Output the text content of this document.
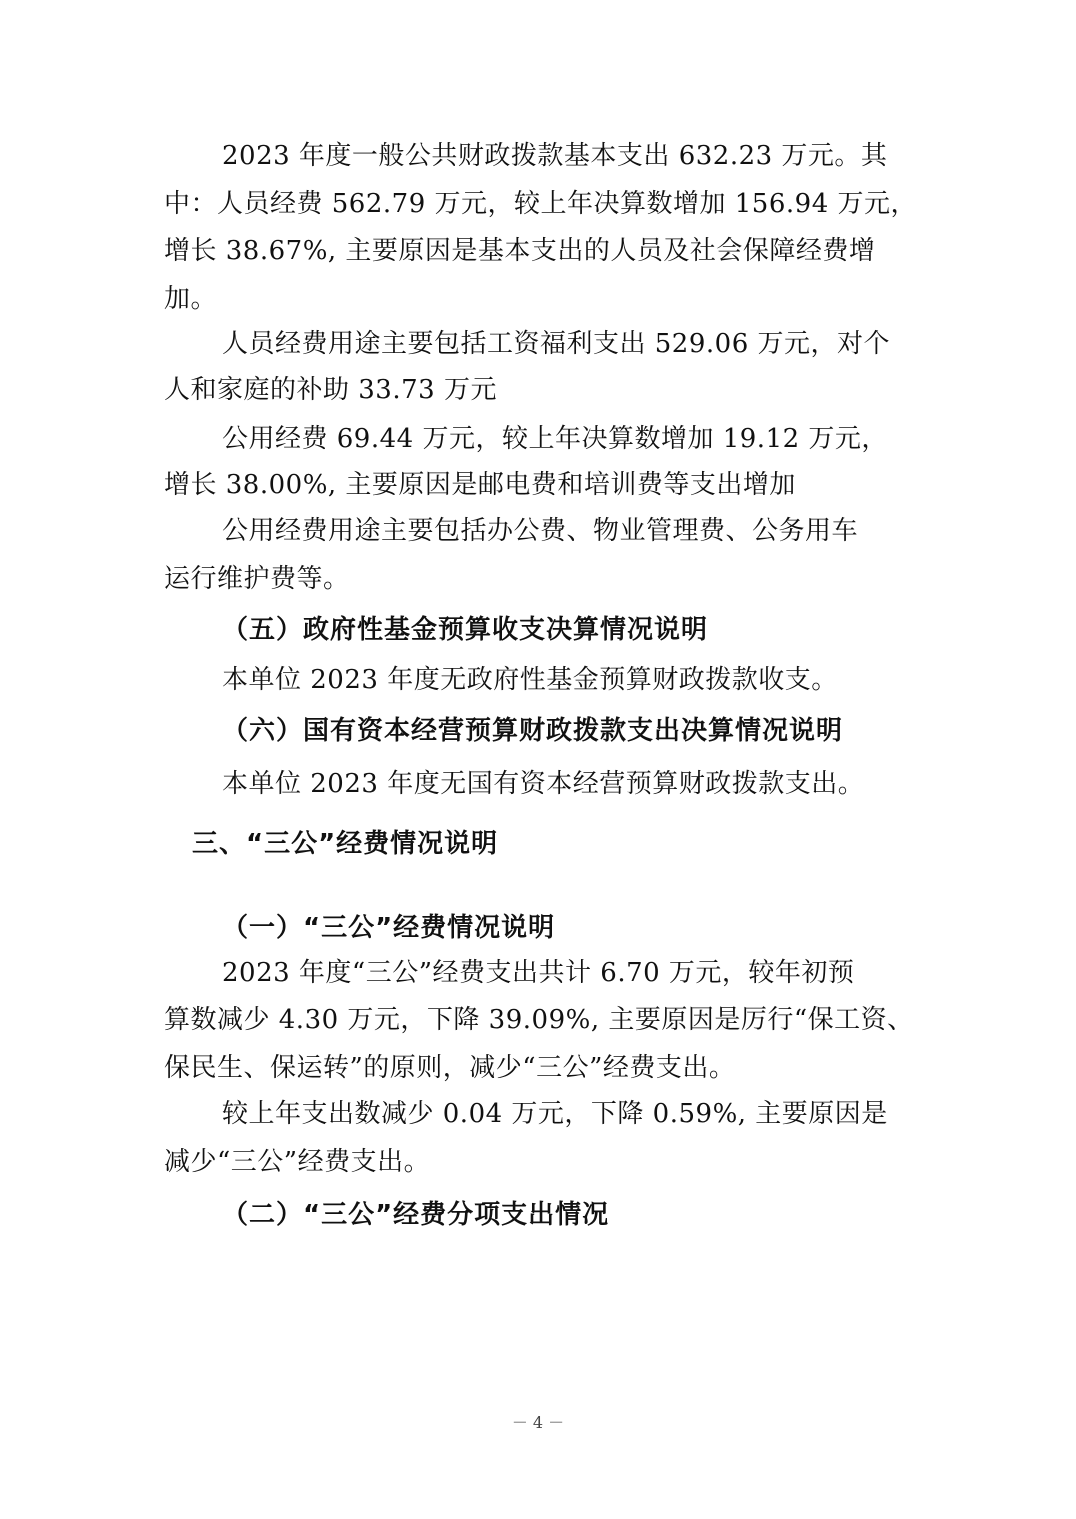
2023 年度一般公共财政拨款基本支出 632.23 万元。其
中：人员经费 562.79 万元，较上年决算数增加 156.94 万元，
增长 38.67%, 主要原因是基本支出的人员及社会保障经费增
加。
人员经费用途主要包括工资福利支出 529.06 万元，对个
人和家庭的补助 33.73 万元
公用经费 69.44 万元，较上年决算数增加 19.12 万元，
增长 38.00%, 主要原因是邮电费和培训费等支出增加
公用经费用途主要包括办公费、物业管理费、公务用车
运行维护费等。
（五）政府性基金预算收支决算情况说明
本单位 2023 年度无政府性基金预算财政拨款收支。
（六）国有资本经营预算财政拨款支出决算情况说明
本单位 2023 年度无国有资本经营预算财政拨款支出。
三、“三公”经费情况说明
（一）“三公”经费情况说明
2023 年度“三公”经费支出共计 6.70 万元，较年初预
算数减少 4.30 万元，下降 39.09%, 主要原因是厉行“保工资、
保民生、保运转”的原则，减少“三公”经费支出。
较上年支出数减少 0.04 万元，下降 0.59%, 主要原因是
减少“三公”经费支出。
（二）“三公”经费分项支出情况
－ 4 －
